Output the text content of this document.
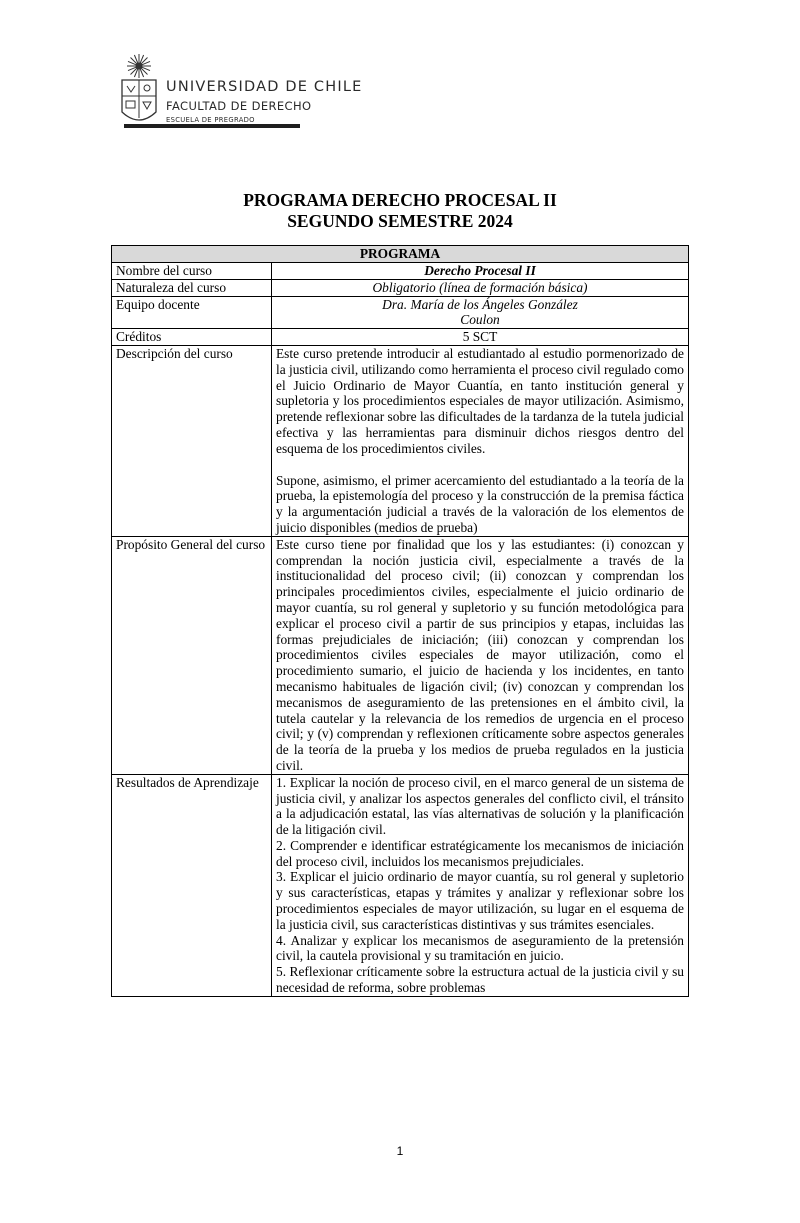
UNIVERSIDAD DE CHILE
FACULTAD DE DERECHO
ESCUELA DE PREGRADO
PROGRAMA DERECHO PROCESAL II
SEGUNDO SEMESTRE 2024
PROGRAMA	
Nombre del curso	Derecho Procesal II
Naturaleza del curso	Obligatorio (línea de formación básica)
Equipo docente	Dra. María de los Ángeles González
Coulon

Créditos	5 SCT
Descripción del curso	Este curso pretende introducir al estudiantado al estudio pormenorizado de la justicia civil, utilizando como herramienta el proceso civil regulado como el Juicio Ordinario de Mayor Cuantía, en tanto institución general y supletoria y los procedimientos especiales de mayor utilización. Asimismo, pretende reflexionar sobre las dificultades de la tardanza de la tutela judicial efectiva y las herramientas para disminuir dichos riesgos dentro del esquema de los procedimientos civiles.

Supone, asimismo, el primer acercamiento del estudiantado a la teoría de la prueba, la epistemología del proceso y la construcción de la premisa fáctica y la argumentación judicial a través de la valoración de los elementos de juicio disponibles (medios de prueba)

Propósito General del curso	Este curso tiene por finalidad que los y las estudiantes: (i) conozcan y comprendan la noción justicia civil, especialmente a través de la institucionalidad del proceso civil; (ii) conozcan y comprendan los principales procedimientos civiles, especialmente el juicio ordinario de mayor cuantía, su rol general y supletorio y su función metodológica para explicar el proceso civil a partir de sus principios y etapas, incluidas las formas prejudiciales de iniciación; (iii) conozcan y comprendan los procedimientos civiles especiales de mayor utilización, como el procedimiento sumario, el juicio de hacienda y los incidentes, en tanto mecanismo habituales de ligación civil; (iv) conozcan y comprendan los mecanismos de aseguramiento de las pretensiones en el ámbito civil, la tutela cautelar y la relevancia de los remedios de urgencia en el proceso civil; y (v) comprendan y reflexionen críticamente sobre aspectos generales de la teoría de la prueba y los medios de prueba regulados en la justicia civil.
Resultados de Aprendizaje	1. Explicar la noción de proceso civil, en el marco general de un sistema de justicia civil, y analizar los aspectos generales del conflicto civil, el tránsito a la adjudicación estatal, las vías alternativas de solución y la planificación de la litigación civil.
2. Comprender e identificar estratégicamente los mecanismos de iniciación del proceso civil, incluidos los mecanismos prejudiciales.
3. Explicar el juicio ordinario de mayor cuantía, su rol general y supletorio y sus características, etapas y trámites y analizar y reflexionar sobre los procedimientos especiales de mayor utilización, su lugar en el esquema de la justicia civil, sus características distintivas y sus trámites esenciales.
4. Analizar y explicar los mecanismos de aseguramiento de la pretensión civil, la cautela provisional y su tramitación en juicio.
5. Reflexionar críticamente sobre la estructura actual de la justicia civil y su necesidad de reforma, sobre problemas
1
